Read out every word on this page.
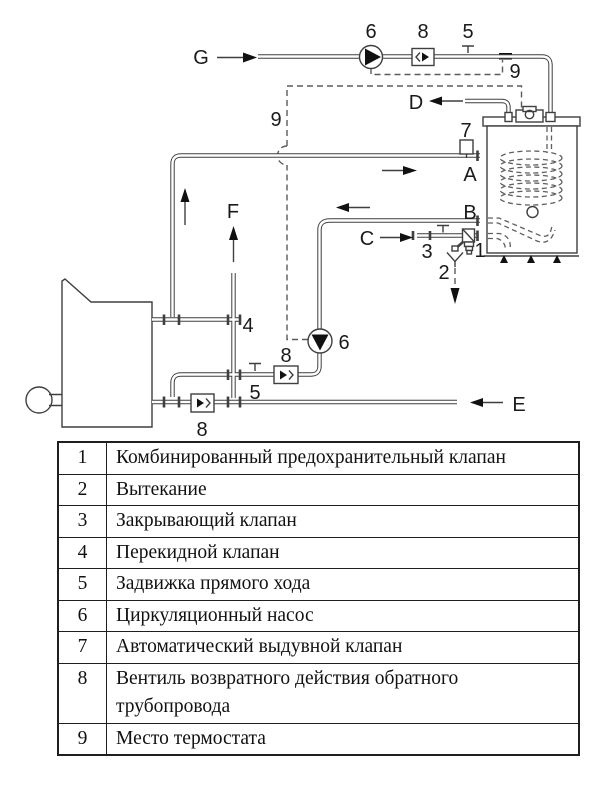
G
6 8 5
9
D
9	7
A
B
C
3 1
2
F
4
6
8
5
8
E
1	Комбинированный предохранительный клапан
2	Вытекание
3	Закрывающий клапан
4	Перекидной клапан
5	Задвижка прямого хода
6	Циркуляционный насос
7	Автоматический выдувной клапан
8	Вентиль возвратного действия обратного трубопровода
9	Место термостата
